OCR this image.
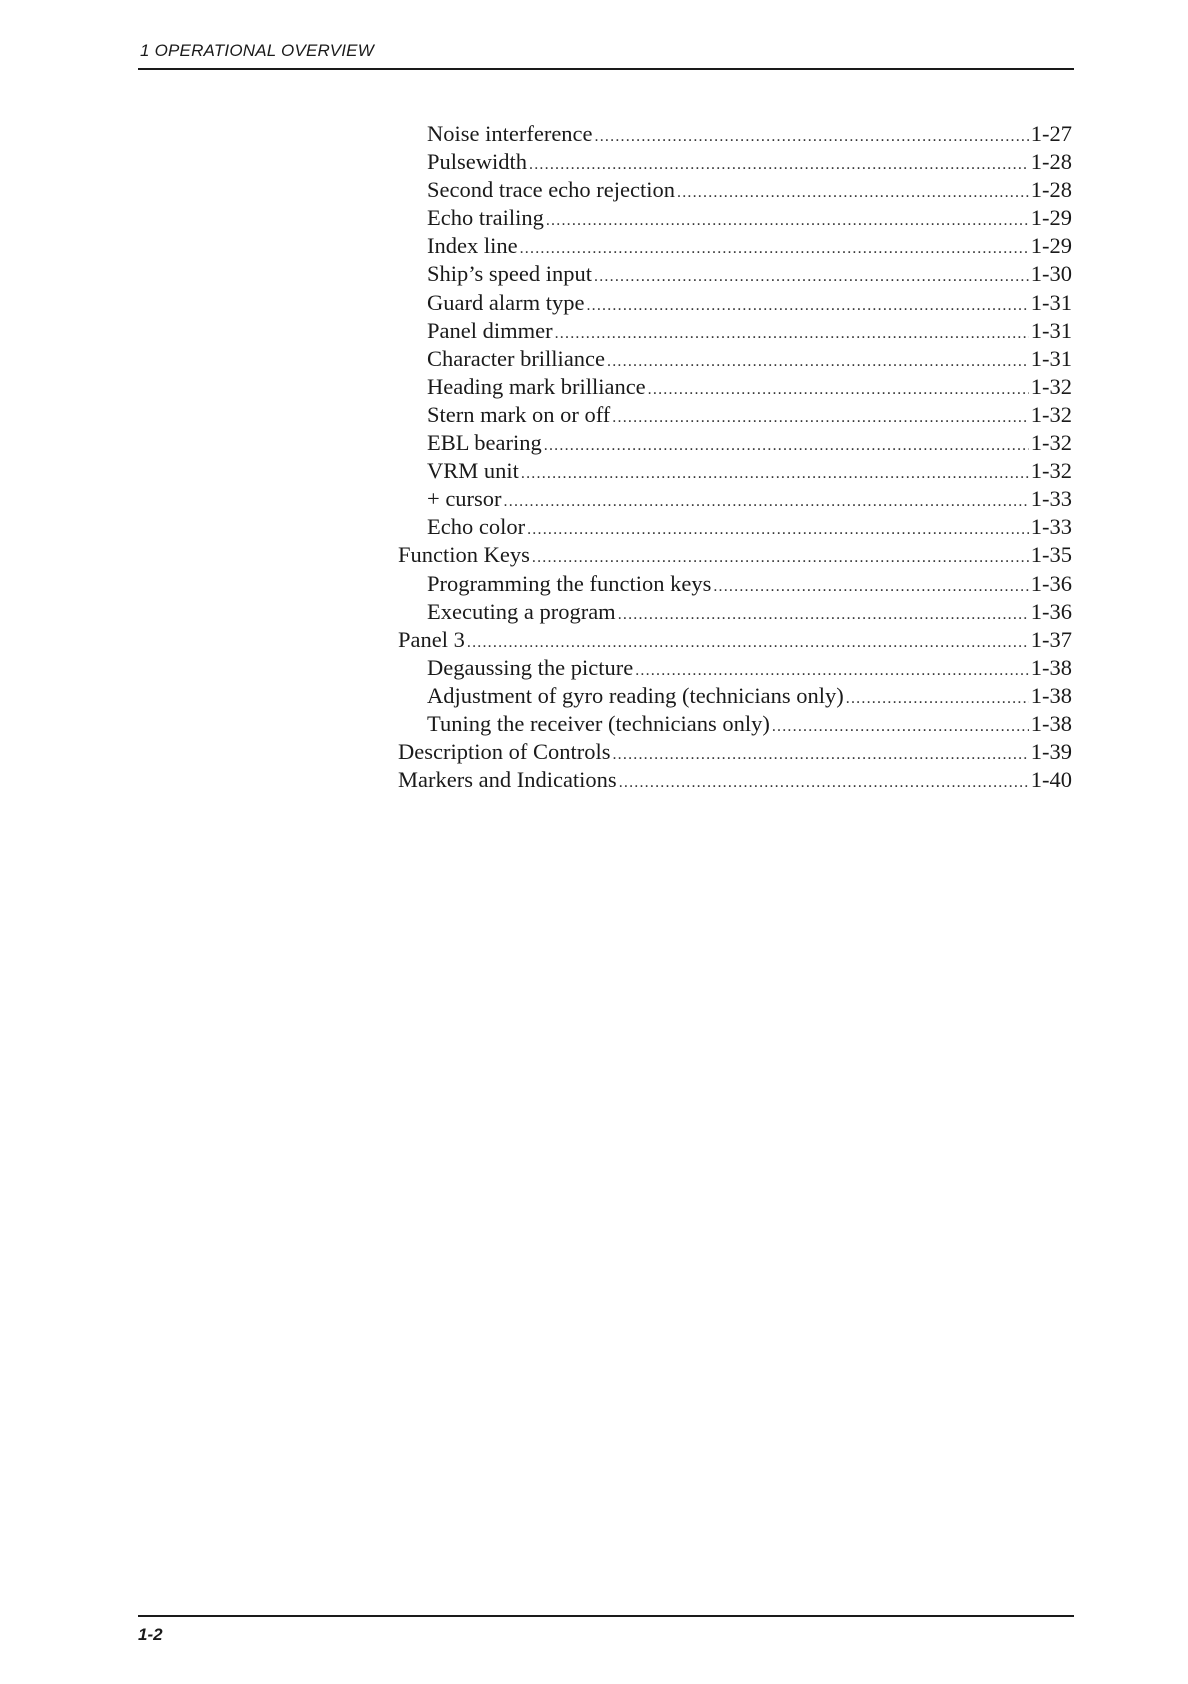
1 OPERATIONAL OVERVIEW
Noise interference .....	1-27
Pulsewidth .....	1-28
Second trace echo rejection .....	1-28
Echo trailing .....	1-29
Index line .....	1-29
Ship’s speed input .....	1-30
Guard alarm type .....	1-31
Panel dimmer .....	1-31
Character brilliance .....	1-31
Heading mark brilliance .....	1-32
Stern mark on or off .....	1-32
EBL bearing .....	1-32
VRM unit .....	1-32
+ cursor .....	1-33
Echo color .....	1-33
Function Keys .....	1-35
Programming the function keys .....	1-36
Executing a program .....	1-36
Panel 3 .....	1-37
Degaussing the picture .....	1-38
Adjustment of gyro reading (technicians only) .....	1-38
Tuning the receiver (technicians only) .....	1-38
Description of Controls .....	1-39
Markers and Indications .....	1-40
1-2
